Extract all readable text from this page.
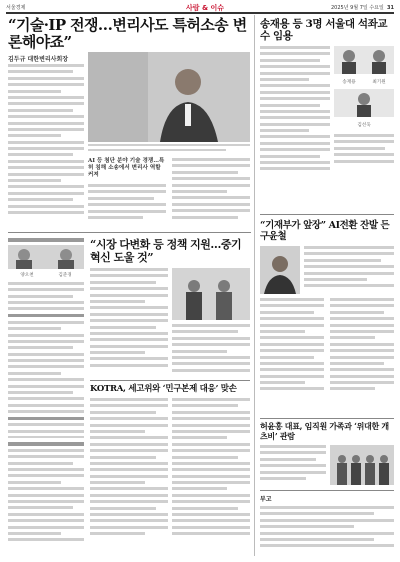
서울경제	사람 & 이슈	2025년 9월 7일 수요일 31
“기술·IP 전쟁…변리사도 특허소송 변론해야죠”
김두규 대한변리사회장
AI 등 첨단 분야 기술 경쟁…특허 침해 소송에서 변리사 역할 커져
양오천	김준경
“시장 다변화 등 정책 지원…중기 혁신 도울 것”
KOTRA, 세고위와 ‘민구본제 대응’ 맞손
송재용 등 3명 서울대 석좌교수 임용
송재용	최기원
김선욱
“기재부가 앞장” AI전환 잔발 든 구윤철
허윤홍 대표, 임직원 가족과 ‘위대한 개츠비’ 관람
부고
